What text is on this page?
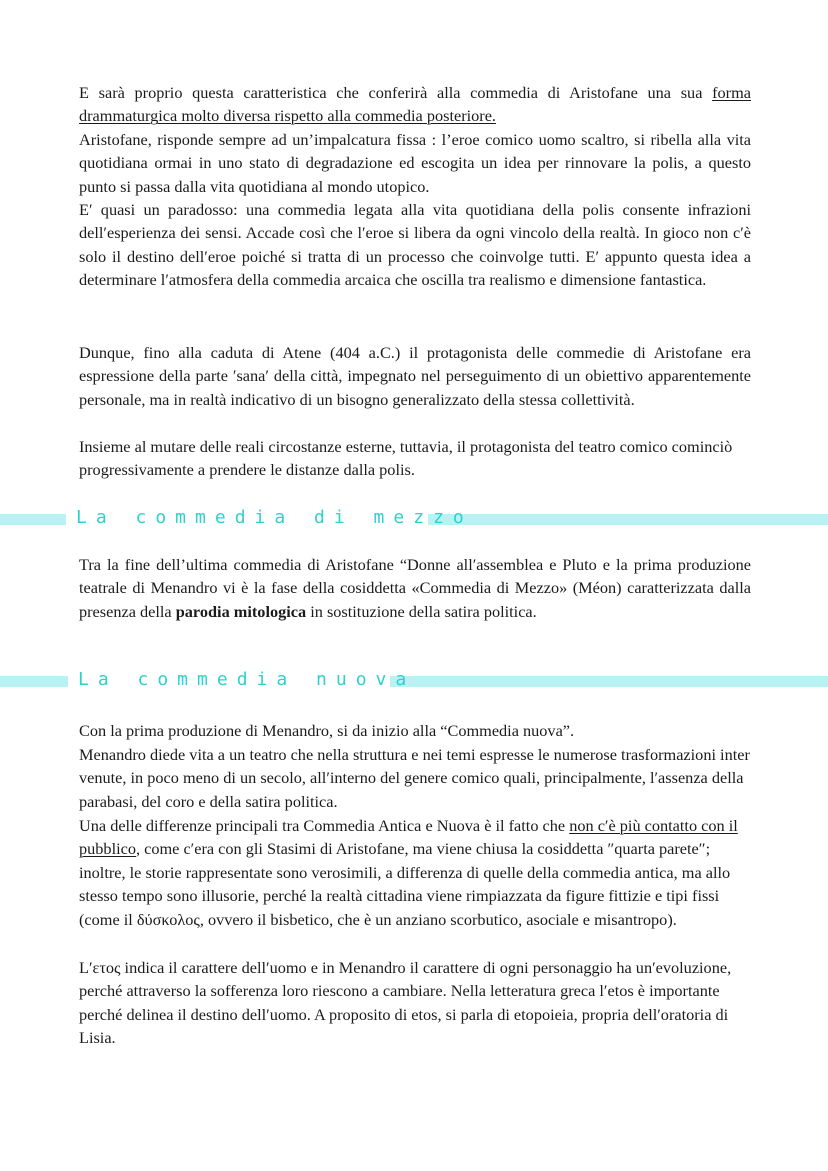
E sarà proprio questa caratteristica che conferirà alla commedia di Aristofane una sua forma drammaturgica molto diversa rispetto alla commedia posteriore.
Aristofane, risponde sempre ad un’impalcatura fissa : l’eroe comico uomo scaltro, si ribella alla vita quotidiana ormai in uno stato di degradazione ed escogita un idea per rinnovare la polis, a questo punto si passa dalla vita quotidiana al mondo utopico.
E′ quasi un paradosso: una commedia legata alla vita quotidiana della polis consente infrazioni dell′esperienza dei sensi. Accade così che l′eroe si libera da ogni vincolo della realtà. In gioco non c′è solo il destino dell′eroe poiché si tratta di un processo che coinvolge tutti. E′ appunto questa idea a determinare l′atmosfera della commedia arcaica che oscilla tra realismo e dimensione fantastica.
Dunque, fino alla caduta di Atene (404 a.C.) il protagonista delle commedie di Aristofane era espressione della parte ′sana′ della città, impegnato nel perseguimento di un obiettivo apparentemente personale, ma in realtà indicativo di un bisogno generalizzato della stessa collettività.
Insieme al mutare delle reali circostanze esterne, tuttavia, il protagonista del teatro comico cominciò progressivamente a prendere le distanze dalla polis.
La commedia di mezzo
Tra la fine dell’ultima commedia di Aristofane “Donne all′assemblea e Pluto e la prima produzione teatrale di Menandro vi è la fase della cosiddetta «Commedia di Mezzo» (Méon) caratterizzata dalla presenza della parodia mitologica in sostituzione della satira politica.
La commedia nuova
Con la prima produzione di Menandro, si da inizio alla “Commedia nuova”.
Menandro diede vita a un teatro che nella struttura e nei temi espresse le numerose trasformazioni inter venute, in poco meno di un secolo, all′interno del genere comico quali, principalmente, l′assenza della parabasi, del coro e della satira politica.
Una delle differenze principali tra Commedia Antica e Nuova è il fatto che non c′è più contatto con il pubblico, come c′era con gli Stasimi di Aristofane, ma viene chiusa la cosiddetta ″quarta parete″; inoltre, le storie rappresentate sono verosimili, a differenza di quelle della commedia antica, ma allo stesso tempo sono illusorie, perché la realtà cittadina viene rimpiazzata da figure fittizie e tipi fissi (come il δύσκολος, ovvero il bisbetico, che è un anziano scorbutico, asociale e misantropo).
L′ετος indica il carattere dell′uomo e in Menandro il carattere di ogni personaggio ha un′evoluzione, perché attraverso la sofferenza loro riescono a cambiare. Nella letteratura greca l′etos è importante perché delinea il destino dell′uomo. A proposito di etos, si parla di etopoieia, propria dell′oratoria di Lisia.
